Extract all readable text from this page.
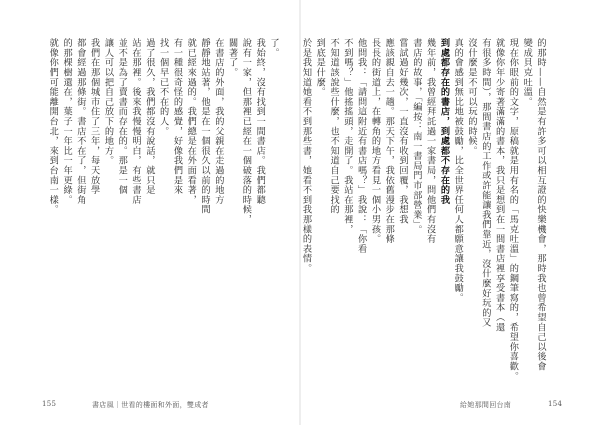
了。
我始終，沒有找到一間書店。我們都聽
說有一家，但那裡已經在一個破落的時候，
關著了。
在書店的外面，我的父親在走過的地方
靜靜地站著，他是在一個很久以前的時間
就已經來過的。我們總是在外面看著，
有一種很奇怪的感覺，好像我們是來
找一個早已不在的人。
過了很久，我們都沒有說話，就只是
站在那裡。後來我慢慢明白，有些書店
並不是為了賣書而存在的。那是一個
讓人可以把自己放下的地方。
我們在那個城市住了三年，每天放學
都會經過那條街。書店不在了，但街角
的那棵樹還在，葉子一年比一年更綠。
就像你們可能離開台北，來到台南一樣。
155	書店風｜世看的樓面和外面，雙成者
的那時——自然是有許多可以相互證的快樂機會，那時我也曾希望自己以後會
變成貝克吐溫。
現在你眼前的文字，原稿就是用有名的「馬克吐溫」的鋼筆寫的，希望你喜歡。
就像你年少寄著滿滿的書本，我只是想到在一間書店裡享受書本（還
有很多時間），那間書店的工作或許能讓我們靠近，沒什麼好玩的又
沒什麼是不可以玩的時候。
真的會感到無比地被鼓勵，比全世界任何人都願意讓我鼓勵。
到處都存在的書店，到處都不存在的我
幾年前，我曾經拜託過一家書局，問他們有沒有
書店的故事，「編按：南一書局門市部營業」。
嘗試過好幾次，一直沒有收到回覆，我想我
應該親自去一趟。那天下午，我依舊漫步在那條
長長的街道上，在轉角的地方看見一個小男孩。
他問我：「請問這附近有書店嗎？」我說：「你看
不到嗎？」他搖搖頭，走開了。我站在那裡，
不知道該說些什麼，也不知道自己要找的
到底是什麼。
於是我知道她看不到那些書，她看不到我那樣的表情。
給她那間回台南	154
